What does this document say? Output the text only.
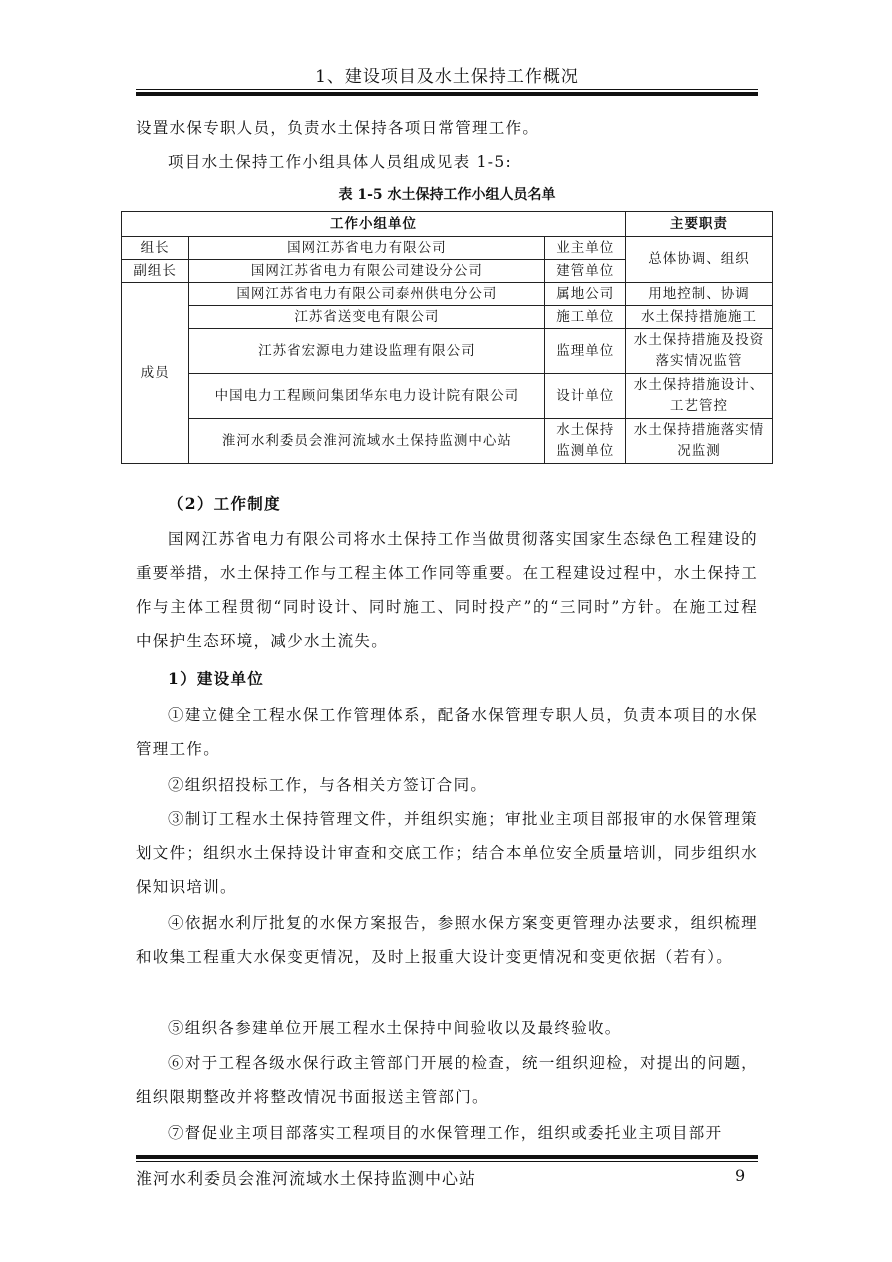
1、建设项目及水土保持工作概况
设置水保专职人员，负责水土保持各项日常管理工作。
项目水土保持工作小组具体人员组成见表 1-5:
表 1-5 水土保持工作小组人员名单
工作小组单位			主要职责
组长	国网江苏省电力有限公司	业主单位	总体协调、组织
副组长	国网江苏省电力有限公司建设分公司	建管单位	
成员	国网江苏省电力有限公司泰州供电分公司	属地公司	用地控制、协调
	江苏省送变电有限公司	施工单位	水土保持措施施工
	江苏省宏源电力建设监理有限公司	监理单位	水土保持措施及投资落实情况监管
	中国电力工程顾问集团华东电力设计院有限公司	设计单位	水土保持措施设计、工艺管控
	淮河水利委员会淮河流域水土保持监测中心站	水土保持监测单位	水土保持措施落实情况监测
（2）工作制度
国网江苏省电力有限公司将水土保持工作当做贯彻落实国家生态绿色工程建设的重要举措，水土保持工作与工程主体工作同等重要。在工程建设过程中，水土保持工作与主体工程贯彻“同时设计、同时施工、同时投产”的“三同时”方针。在施工过程中保护生态环境，减少水土流失。
1）建设单位
①建立健全工程水保工作管理体系，配备水保管理专职人员，负责本项目的水保管理工作。
②组织招投标工作，与各相关方签订合同。
③制订工程水土保持管理文件，并组织实施；审批业主项目部报审的水保管理策划文件；组织水土保持设计审查和交底工作；结合本单位安全质量培训，同步组织水保知识培训。
④依据水利厅批复的水保方案报告，参照水保方案变更管理办法要求，组织梳理和收集工程重大水保变更情况，及时上报重大设计变更情况和变更依据（若有）。
⑤组织各参建单位开展工程水土保持中间验收以及最终验收。
⑥对于工程各级水保行政主管部门开展的检查，统一组织迎检，对提出的问题，组织限期整改并将整改情况书面报送主管部门。
⑦督促业主项目部落实工程项目的水保管理工作，组织或委托业主项目部开
淮河水利委员会淮河流域水土保持监测中心站	9
